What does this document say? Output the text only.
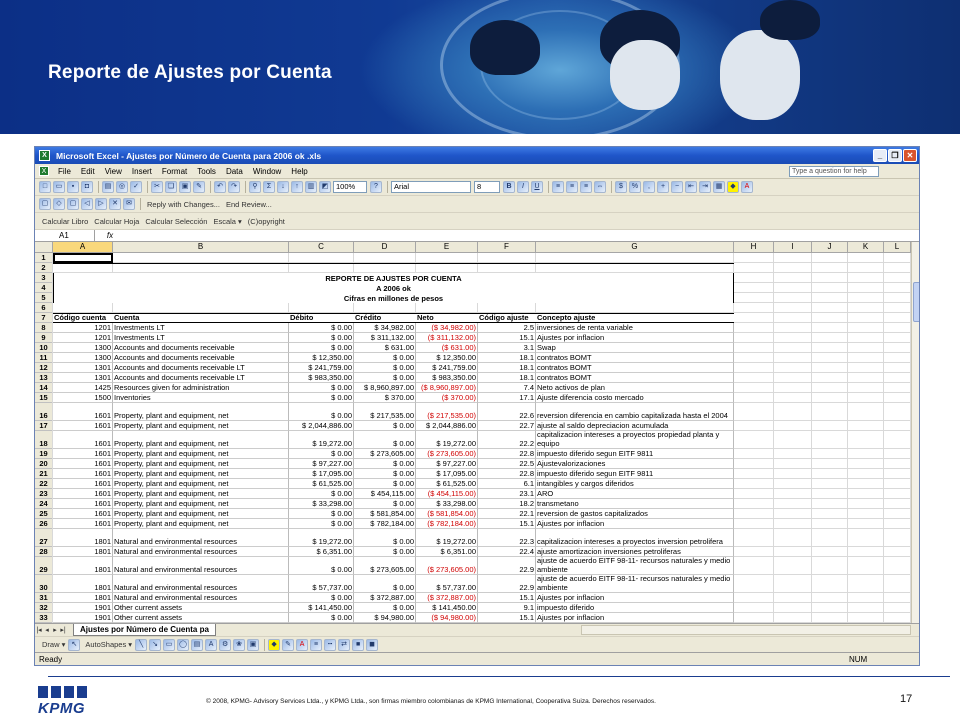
Reporte de Ajustes por Cuenta
X	Microsoft Excel - Ajustes por Número de Cuenta para 2006 ok .xls	_	❐	✕
X	File	Edit	View	Insert	Format	Tools	Data	Window	Help	Type a question for help
□	▭	▪	◘	▤	◎	✓	✂	❏	▣	✎	↶	↷	⚲	Σ	↓	↑	▥	◩	100%	?	Arial	8	B	I	U	≡	≡	≡	⇔	$	%	,	+	−	⇤	⇥	▦	◆	A
▢	◇	▢	◁	▷	✕	✉	Reply with Changes... End Review...
Calcular Libro Calcular Hoja Calcular Selección Escala ▾ (C)opyright
A1	fx
A	B	C	D	E	F	G	H	I	J	K	L
1
2
3
4
5
6
7
8
9
10
11
12
13
14
15
16
17
18
19
20
21
22
23
24
25
26
27
28
29
30
31
32
33
REPORTE DE AJUSTES POR CUENTA
A 2006 ok
Cifras en millones de pesos
Código cuenta	Cuenta	Débito	Crédito	Neto	Código ajuste	Concepto ajuste
1201 Investments LT	$ 0.00	$ 34,982.00	($ 34,982.00)	2.5 inversiones de renta variable
1201 Investments LT	$ 0.00	$ 311,132.00	($ 311,132.00)	15.1 Ajustes por inflacion
1300 Accounts and documents receivable	$ 0.00	$ 631.00	($ 631.00)	3.1 Swap
1300 Accounts and documents receivable	$ 12,350.00	$ 0.00	$ 12,350.00	18.1 contratos BOMT
1301 Accounts and documents receivable LT	$ 241,759.00	$ 0.00	$ 241,759.00	18.1 contratos BOMT
1301 Accounts and documents receivable LT	$ 983,350.00	$ 0.00	$ 983,350.00	18.1 contratos BOMT
1425 Resources given for administration	$ 0.00	$ 8,960,897.00 ($ 8,960,897.00)	7.4 Neto activos de plan
1500 Inventories	$ 0.00	$ 370.00	($ 370.00)	17.1 Ajuste diferencia costo mercado
1601 Property, plant and equipment, net	$ 0.00	$ 217,535.00	($ 217,535.00)	22.6 reversion diferencia en cambio capitalizada hasta el 2004
1601 Property, plant and equipment, net	$ 2,044,886.00	$ 0.00	$ 2,044,886.00	22.7 ajuste al saldo depreciacion acumulada
1601 Property, plant and equipment, net	$ 19,272.00	$ 0.00	$ 19,272.00	22.2
capitalizacion intereses a proyectos propiedad planta y equipo
1601 Property, plant and equipment, net	$ 0.00	$ 273,605.00	($ 273,605.00)	22.8 impuesto diferido segun EITF 9811
1601 Property, plant and equipment, net	$ 97,227.00	$ 0.00	$ 97,227.00	22.5 Ajustevalorizaciones
1601 Property, plant and equipment, net	$ 17,095.00	$ 0.00	$ 17,095.00	22.8 impuesto diferido segun EITF 9811
1601 Property, plant and equipment, net	$ 61,525.00	$ 0.00	$ 61,525.00	6.1 intangibles y cargos diferidos
1601 Property, plant and equipment, net	$ 0.00	$ 454,115.00	($ 454,115.00)	23.1 ARO
1601 Property, plant and equipment, net	$ 33,298.00	$ 0.00	$ 33,298.00	18.2 transmetano
1601 Property, plant and equipment, net	$ 0.00	$ 581,854.00	($ 581,854.00)	22.1 reversion de gastos capitalizados
1601 Property, plant and equipment, net	$ 0.00	$ 782,184.00	($ 782,184.00)	15.1 Ajustes por inflacion
1801 Natural and environmental resources	$ 19,272.00	$ 0.00	$ 19,272.00	22.3 capitalizacion intereses a proyectos inversion petrolifera
1801 Natural and environmental resources	$ 6,351.00	$ 0.00	$ 6,351.00	22.4 ajuste amortizacion inversiones petroliferas
1801 Natural and environmental resources	$ 0.00	$ 273,605.00	($ 273,605.00)	22.9
ajuste de acuerdo EITF 98-11- recursos naturales y medio ambiente
1801 Natural and environmental resources	$ 57,737.00	$ 0.00	$ 57,737.00	22.9
ajuste de acuerdo EITF 98-11- recursos naturales y medio ambiente
1801 Natural and environmental resources	$ 0.00	$ 372,887.00	($ 372,887.00)	15.1 Ajustes por inflacion
1901 Other current assets	$ 141,450.00	$ 0.00	$ 141,450.00	9.1 impuesto diferido
1901 Other current assets	$ 0.00	$ 94,980.00	($ 94,980.00)	15.1 Ajustes por inflacion
|◂ ◂ ▸ ▸|	Ajustes por Número de Cuenta pa
Draw ▾ ↖	AutoShapes ▾ ╲	↘	▭ ◯ ▤	A	⚙	❀	▣	◆	✎	A	≡	┅	⇄	■	◼
Ready	NUM
KPMG	© 2008, KPMG- Advisory Services Ltda., y KPMG Ltda., son firmas miembro colombianas de KPMG International, Cooperativa Suiza. Derechos reservados.	17
